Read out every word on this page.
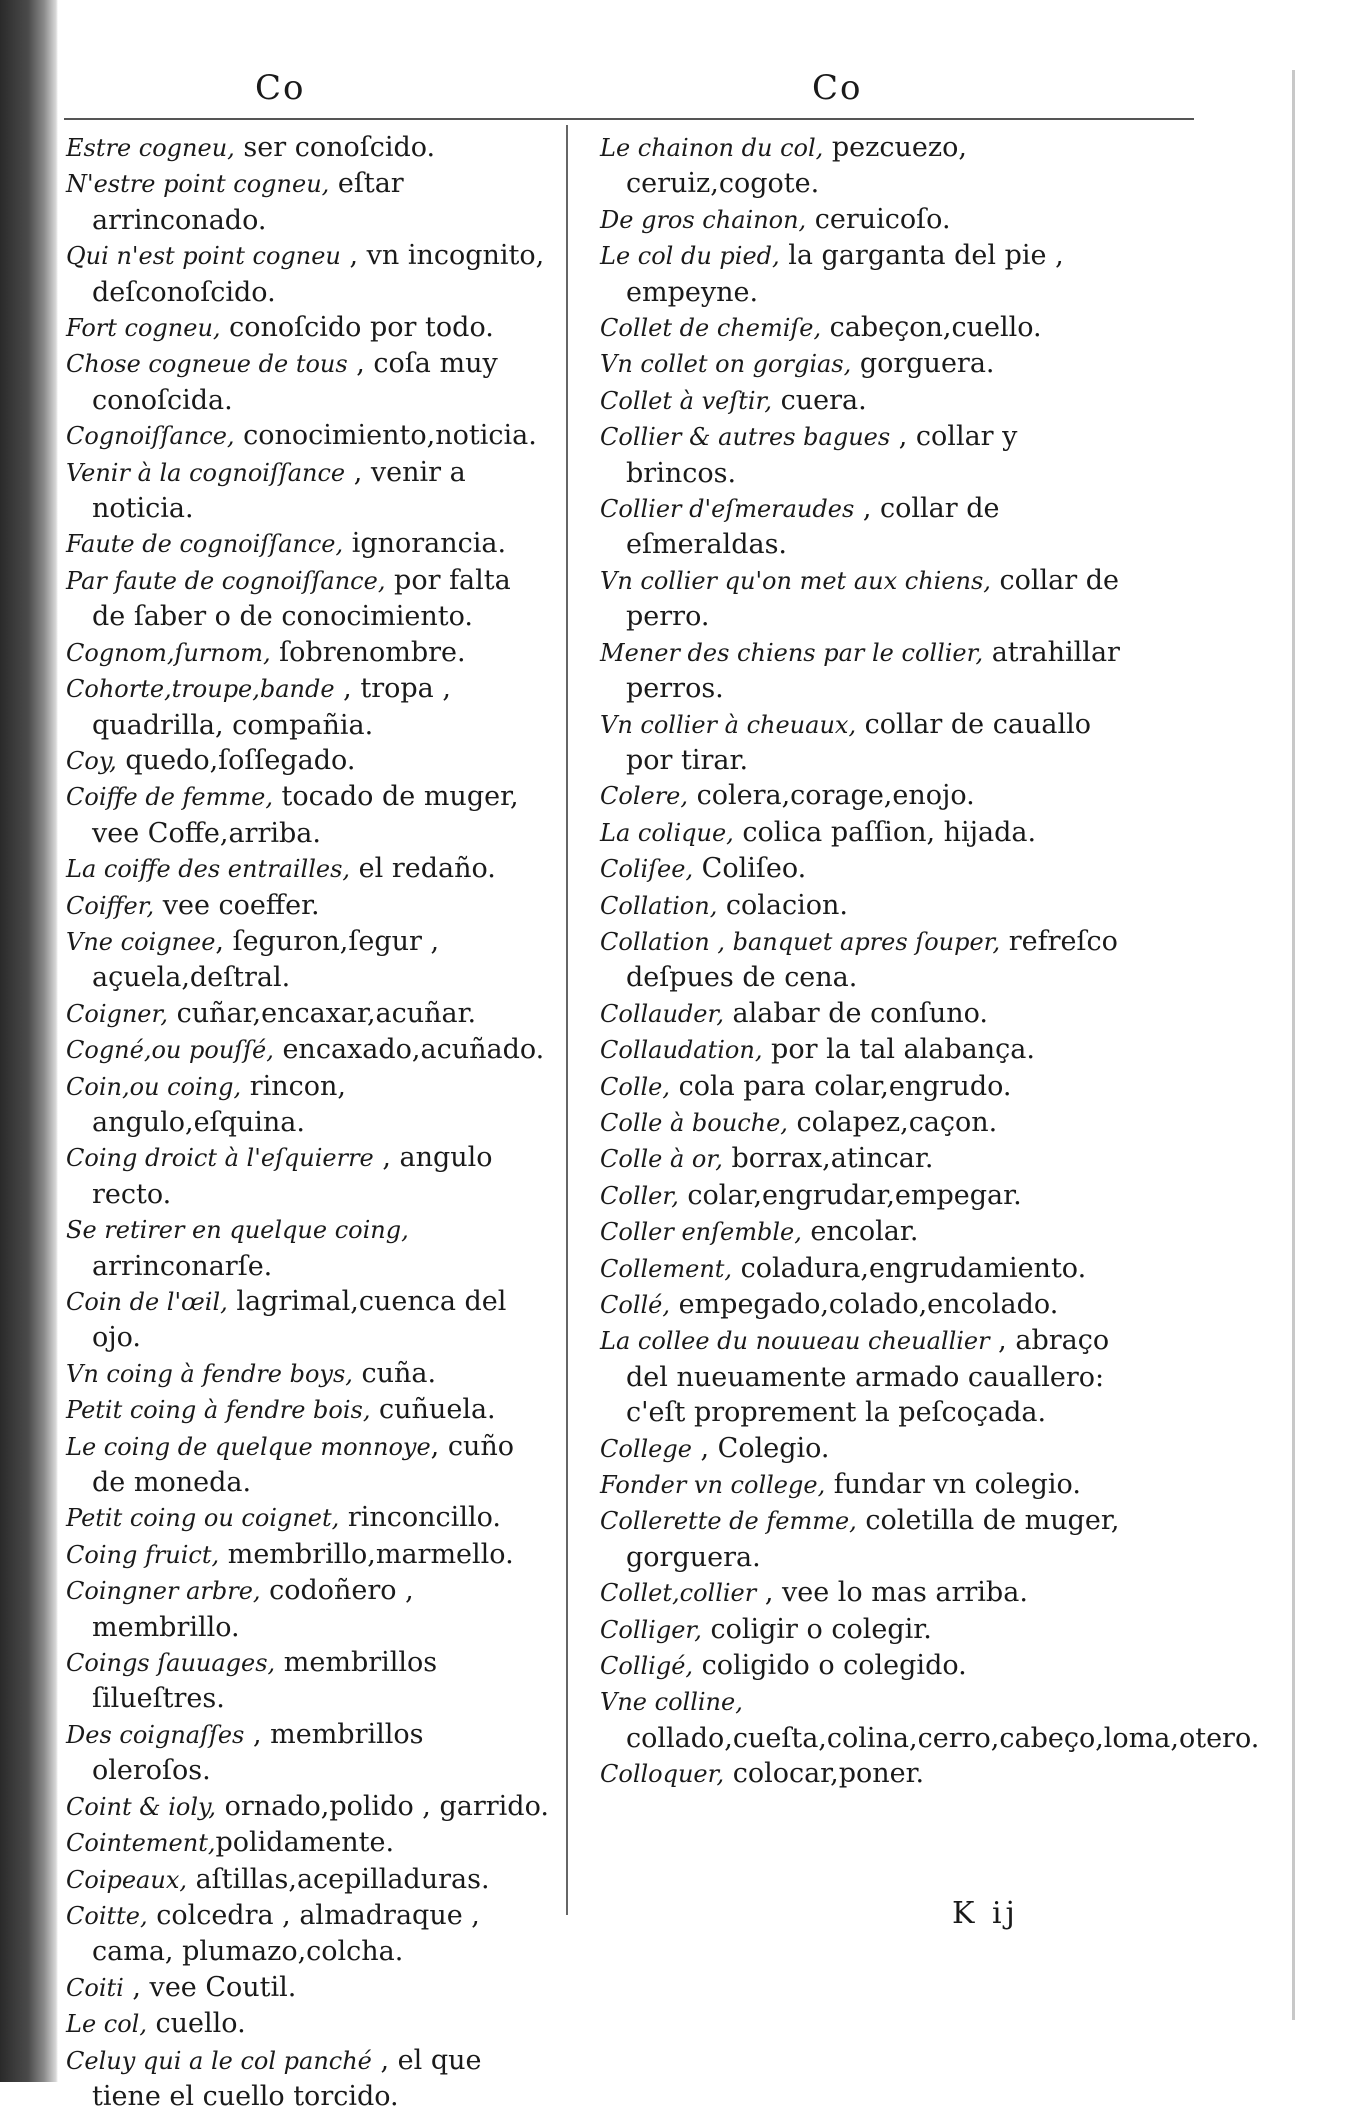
Co	Co
Estre cogneu, ser conoſcido.
N'estre point cogneu, eſtar arrinconado.
Qui n'est point cogneu , vn incognito, deſconoſcido.
Fort cogneu, conoſcido por todo.
Chose cogneue de tous , coſa muy conoſcida.
Cognoiſſance, conocimiento,noticia.
Venir à la cognoiſſance , venir a noticia.
Faute de cognoiſſance, ignorancia.
Par faute de cognoiſſance, por falta de ſaber o de conocimiento.
Cognom,ſurnom, ſobrenombre.
Cohorte,troupe,bande , tropa , quadrilla, compañia.
Coy, quedo,ſoſſegado.
Coiffe de femme, tocado de muger, vee Coffe,arriba.
La coiffe des entrailles, el redaño.
Coiffer, vee coeffer.
Vne coignee, ſeguron,ſegur , açuela,deſtral.
Coigner, cuñar,encaxar,acuñar.
Cogné,ou pouſſé, encaxado,acuñado.
Coin,ou coing, rincon, angulo,eſquina.
Coing droict à l'eſquierre , angulo recto.
Se retirer en quelque coing, arrinconarſe.
Coin de l'œil, lagrimal,cuenca del ojo.
Vn coing à fendre boys, cuña.
Petit coing à fendre bois, cuñuela.
Le coing de quelque monnoye, cuño de moneda.
Petit coing ou coignet, rinconcillo.
Coing fruict, membrillo,marmello.
Coingner arbre, codoñero , membrillo.
Coings ſauuages, membrillos ſilueſtres.
Des coignaſſes , membrillos oleroſos.
Coint & ioly, ornado,polido , garrido.
Cointement,polidamente.
Coipeaux, aſtillas,acepilladuras.
Coitte, colcedra , almadraque , cama, plumazo,colcha.
Coiti , vee Coutil.
Le col, cuello.
Celuy qui a le col panché , el que tiene el cuello torcido.
Le chainon du col, pezcuezo, ceruiz,cogote.
De gros chainon, ceruicoſo.
Le col du pied, la garganta del pie , empeyne.
Collet de chemiſe, cabeçon,cuello.
Vn collet on gorgias, gorguera.
Collet à veſtir, cuera.
Collier & autres bagues , collar y brincos.
Collier d'eſmeraudes , collar de eſmeraldas.
Vn collier qu'on met aux chiens, collar de perro.
Mener des chiens par le collier, atrahillar perros.
Vn collier à cheuaux, collar de cauallo por tirar.
Colere, colera,corage,enojo.
La colique, colica paſſion, hijada.
Coliſee, Coliſeo.
Collation, colacion.
Collation , banquet apres ſouper, refreſco deſpues de cena.
Collauder, alabar de conſuno.
Collaudation, por la tal alabança.
Colle, cola para colar,engrudo.
Colle à bouche, colapez,caçon.
Colle à or, borrax,atincar.
Coller, colar,engrudar,empegar.
Coller enſemble, encolar.
Collement, coladura,engrudamiento.
Collé, empegado,colado,encolado.
La collee du nouueau cheuallier , abraço del nueuamente armado cauallero: c'eſt proprement la peſcoçada.
College , Colegio.
Fonder vn college, fundar vn colegio.
Collerette de femme, coletilla de muger, gorguera.
Collet,collier , vee lo mas arriba.
Colliger, coligir o colegir.
Colligé, coligido o colegido.
Vne colline, collado,cueſta,colina,cerro,cabeço,loma,otero.
Colloquer, colocar,poner.
K ij
